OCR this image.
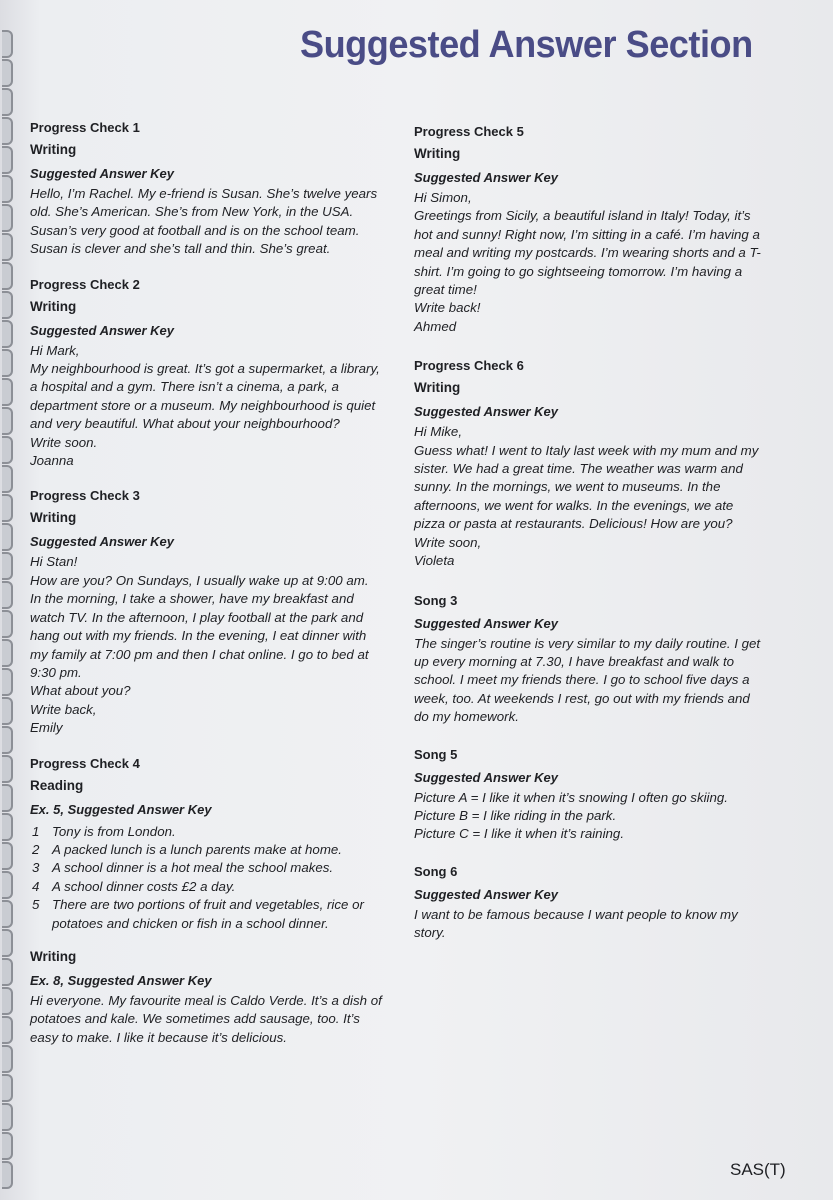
Suggested Answer Section
Progress Check 1
Writing
Suggested Answer Key
Hello, I’m Rachel. My e-friend is Susan. She’s twelve years old. She’s American. She’s from New York, in the USA. Susan’s very good at football and is on the school team. Susan is clever and she’s tall and thin. She’s great.
Progress Check 2
Writing
Suggested Answer Key
Hi Mark,
My neighbourhood is great. It’s got a supermarket, a library, a hospital and a gym. There isn’t a cinema, a park, a department store or a museum. My neighbourhood is quiet and very beautiful. What about your neighbourhood?
Write soon.
Joanna
Progress Check 3
Writing
Suggested Answer Key
Hi Stan!
How are you? On Sundays, I usually wake up at 9:00 am. In the morning, I take a shower, have my breakfast and watch TV. In the afternoon, I play football at the park and hang out with my friends. In the evening, I eat dinner with my family at 7:00 pm and then I chat online. I go to bed at 9:30 pm.
What about you?
Write back,
Emily
Progress Check 4
Reading
Ex. 5, Suggested Answer Key
1 Tony is from London.
2 A packed lunch is a lunch parents make at home.
3 A school dinner is a hot meal the school makes.
4 A school dinner costs £2 a day.
5 There are two portions of fruit and vegetables, rice or potatoes and chicken or fish in a school dinner.
Writing
Ex. 8, Suggested Answer Key
Hi everyone. My favourite meal is Caldo Verde. It’s a dish of potatoes and kale. We sometimes add sausage, too. It’s easy to make. I like it because it’s delicious.
Progress Check 5
Writing
Suggested Answer Key
Hi Simon,
Greetings from Sicily, a beautiful island in Italy! Today, it’s hot and sunny! Right now, I’m sitting in a café. I’m having a meal and writing my postcards. I’m wearing shorts and a T-shirt. I’m going to go sightseeing tomorrow. I’m having a great time!
Write back!
Ahmed
Progress Check 6
Writing
Suggested Answer Key
Hi Mike,
Guess what! I went to Italy last week with my mum and my sister. We had a great time. The weather was warm and sunny. In the mornings, we went to museums. In the afternoons, we went for walks. In the evenings, we ate pizza or pasta at restaurants. Delicious! How are you?
Write soon,
Violeta
Song 3
Suggested Answer Key
The singer’s routine is very similar to my daily routine. I get up every morning at 7.30, I have breakfast and walk to school. I meet my friends there. I go to school five days a week, too. At weekends I rest, go out with my friends and do my homework.
Song 5
Suggested Answer Key
Picture A = I like it when it’s snowing I often go skiing.
Picture B = I like riding in the park.
Picture C = I like it when it’s raining.
Song 6
Suggested Answer Key
I want to be famous because I want people to know my story.
SAS(T)
